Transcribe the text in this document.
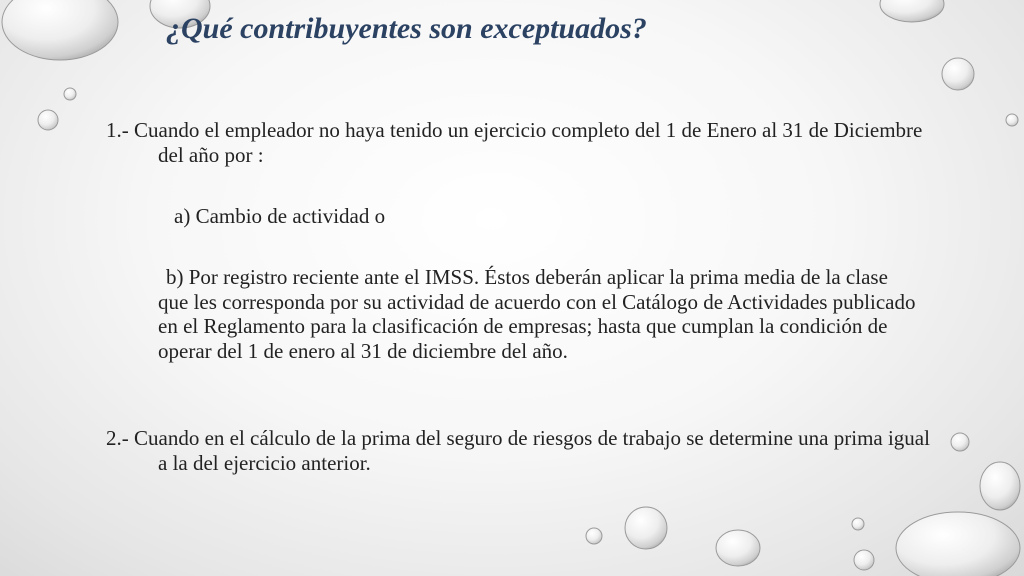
¿Qué contribuyentes son exceptuados?

1.- Cuando el empleador no haya tenido un ejercicio completo del 1 de Enero al 31 de Diciembre del año por :

a) Cambio de actividad o

b) Por registro reciente ante el IMSS. Éstos deberán aplicar la prima media de la clase que les corresponda por su actividad de acuerdo con el Catálogo de Actividades publicado en el Reglamento para la clasificación de empresas; hasta que cumplan la condición de operar del 1 de enero al 31 de diciembre del año.

2.- Cuando en el cálculo de la prima del seguro de riesgos de trabajo se determine una prima igual a la del ejercicio anterior.
